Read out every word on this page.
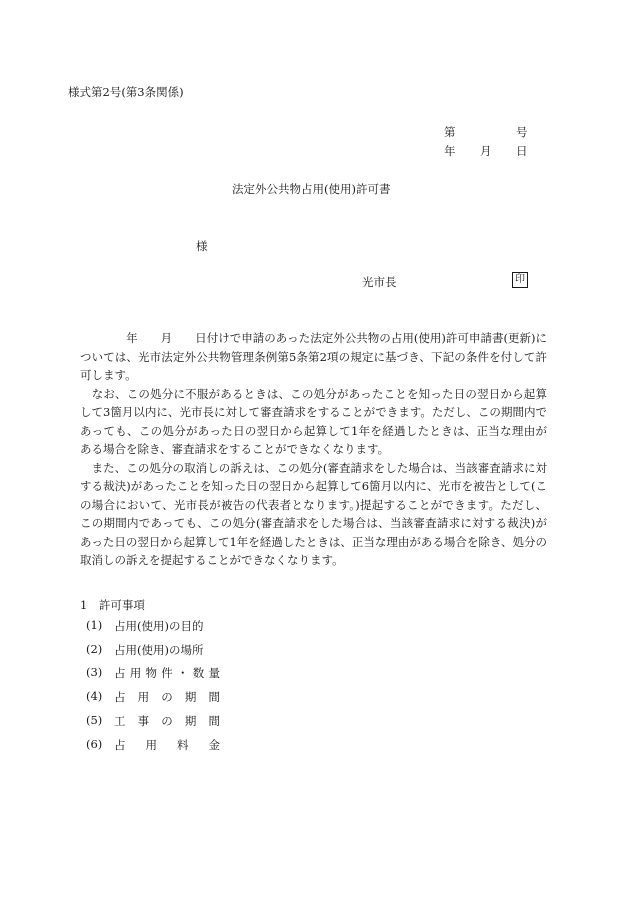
様式第2号(第3条関係)
第	号
年 月 日
法定外公共物占用(使用)許可書
様
光市長	印

　　　　年　　月　　日付けで申請のあった法定外公共物の占用(使用)許可申請書(更新)については、光市法定外公共物管理条例第5条第2項の規定に基づき、下記の条件を付して許可します。

　なお、この処分に不服があるときは、この処分があったことを知った日の翌日から起算して3箇月以内に、光市長に対して審査請求をすることができます。ただし、この期間内であっても、この処分があった日の翌日から起算して1年を経過したときは、正当な理由がある場合を除き、審査請求をすることができなくなります。

　また、この処分の取消しの訴えは、この処分(審査請求をした場合は、当該審査請求に対する裁決)があったことを知った日の翌日から起算して6箇月以内に、光市を被告として(この場合において、光市長が被告の代表者となります。)提起することができます。ただし、この期間内であっても、この処分(審査請求をした場合は、当該審査請求に対する裁決)があった日の翌日から起算して1年を経過したときは、正当な理由がある場合を除き、処分の取消しの訴えを提起することができなくなります。

1　許可事項
(1) 占用(使用)の目的
(2) 占用(使用)の場所
(3) 占 用 物 件 ・ 数 量
(4) 占 用 の 期 間
(5) 工 事 の 期 間
(6) 占 用 料 金
